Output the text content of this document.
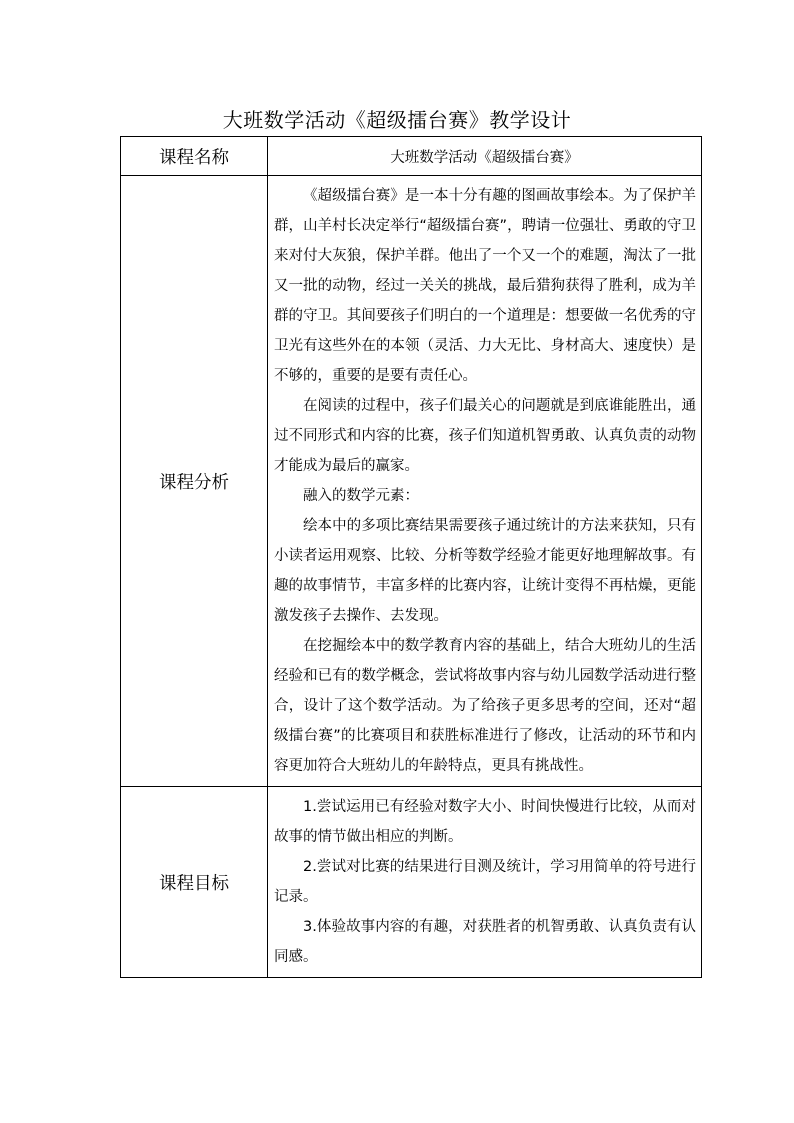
大班数学活动《超级擂台赛》教学设计
课程名称	大班数学活动《超级擂台赛》
课程分析	《超级擂台赛》是一本十分有趣的图画故事绘本。为了保护羊群，山羊村长决定举行“超级擂台赛”，聘请一位强壮、勇敢的守卫来对付大灰狼，保护羊群。他出了一个又一个的难题，淘汰了一批又一批的动物，经过一关关的挑战，最后猎狗获得了胜利，成为羊群的守卫。其间要孩子们明白的一个道理是：想要做一名优秀的守卫光有这些外在的本领（灵活、力大无比、身材高大、速度快）是不够的，重要的是要有责任心。

在阅读的过程中，孩子们最关心的问题就是到底谁能胜出，通过不同形式和内容的比赛，孩子们知道机智勇敢、认真负责的动物才能成为最后的赢家。

融入的数学元素：

绘本中的多项比赛结果需要孩子通过统计的方法来获知，只有小读者运用观察、比较、分析等数学经验才能更好地理解故事。有趣的故事情节，丰富多样的比赛内容，让统计变得不再枯燥，更能激发孩子去操作、去发现。

在挖掘绘本中的数学教育内容的基础上，结合大班幼儿的生活经验和已有的数学概念，尝试将故事内容与幼儿园数学活动进行整合，设计了这个数学活动。为了给孩子更多思考的空间，还对“超级擂台赛”的比赛项目和获胜标准进行了修改，让活动的环节和内容更加符合大班幼儿的年龄特点，更具有挑战性。

课程目标	1.尝试运用已有经验对数字大小、时间快慢进行比较，从而对故事的情节做出相应的判断。

2.尝试对比赛的结果进行目测及统计，学习用简单的符号进行记录。

3.体验故事内容的有趣，对获胜者的机智勇敢、认真负责有认同感。
